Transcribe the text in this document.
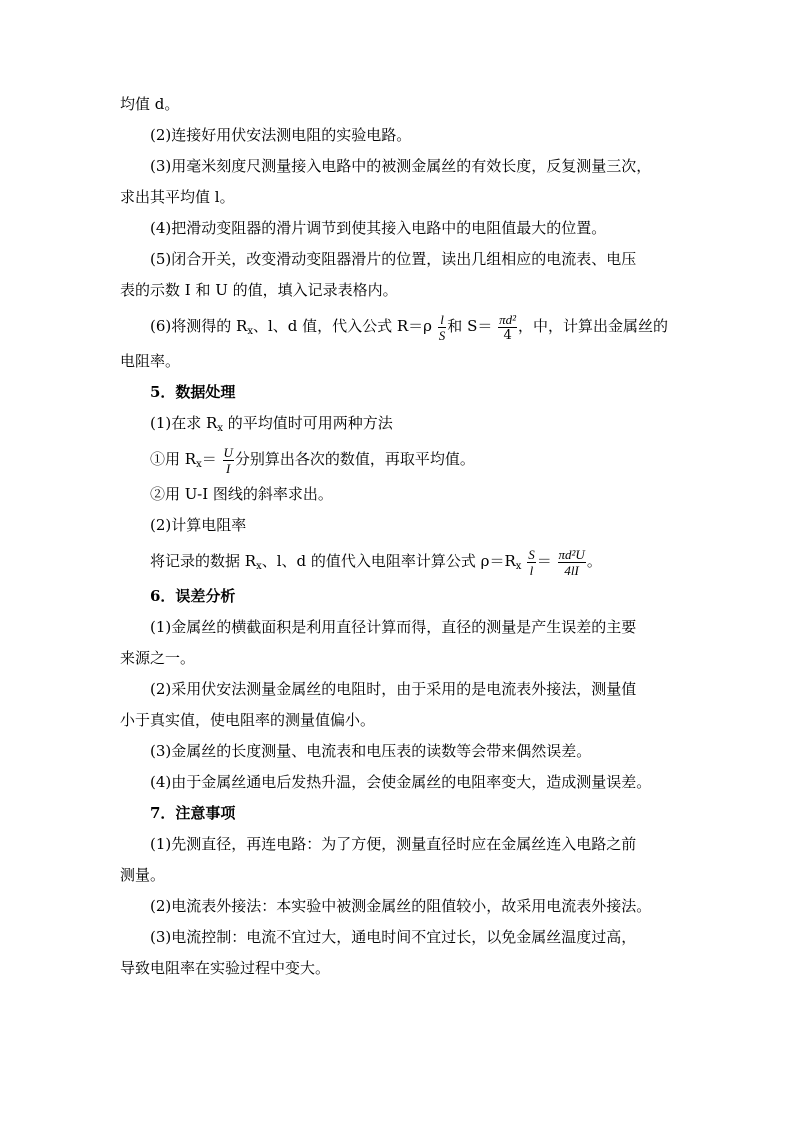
均值 d。
(2)连接好用伏安法测电阻的实验电路。
(3)用毫米刻度尺测量接入电路中的被测金属丝的有效长度，反复测量三次，
求出其平均值 l。
(4)把滑动变阻器的滑片调节到使其接入电路中的电阻值最大的位置。
(5)闭合开关，改变滑动变阻器滑片的位置，读出几组相应的电流表、电压
表的示数 I 和 U 的值，填入记录表格内。
(6)将测得的 $R_x$、l、d 值，代入公式 $R=\rho \frac{l}{S}$ 和 $S= \frac{\text{πd²}}{4}$ ，中，计算出金属丝的
电阻率。
5．数据处理
(1)在求 $R_x$ 的平均值时可用两种方法
①用 $R_x= \frac{U}{I}$ 分别算出各次的数值，再取平均值。
②用 U-I 图线的斜率求出。
(2)计算电阻率
将记录的数据 $R_x$、l、d 的值代入电阻率计算公式 $\rho=R_x \frac{S}{l} = \frac{\text{πd²U}}{4lI}$ 。
6．误差分析
(1)金属丝的横截面积是利用直径计算而得，直径的测量是产生误差的主要
来源之一。
(2)采用伏安法测量金属丝的电阻时，由于采用的是电流表外接法，测量值
小于真实值，使电阻率的测量值偏小。
(3)金属丝的长度测量、电流表和电压表的读数等会带来偶然误差。
(4)由于金属丝通电后发热升温，会使金属丝的电阻率变大，造成测量误差。
7．注意事项
(1)先测直径，再连电路：为了方便，测量直径时应在金属丝连入电路之前
测量。
(2)电流表外接法：本实验中被测金属丝的阻值较小，故采用电流表外接法。
(3)电流控制：电流不宜过大，通电时间不宜过长，以免金属丝温度过高，
导致电阻率在实验过程中变大。
